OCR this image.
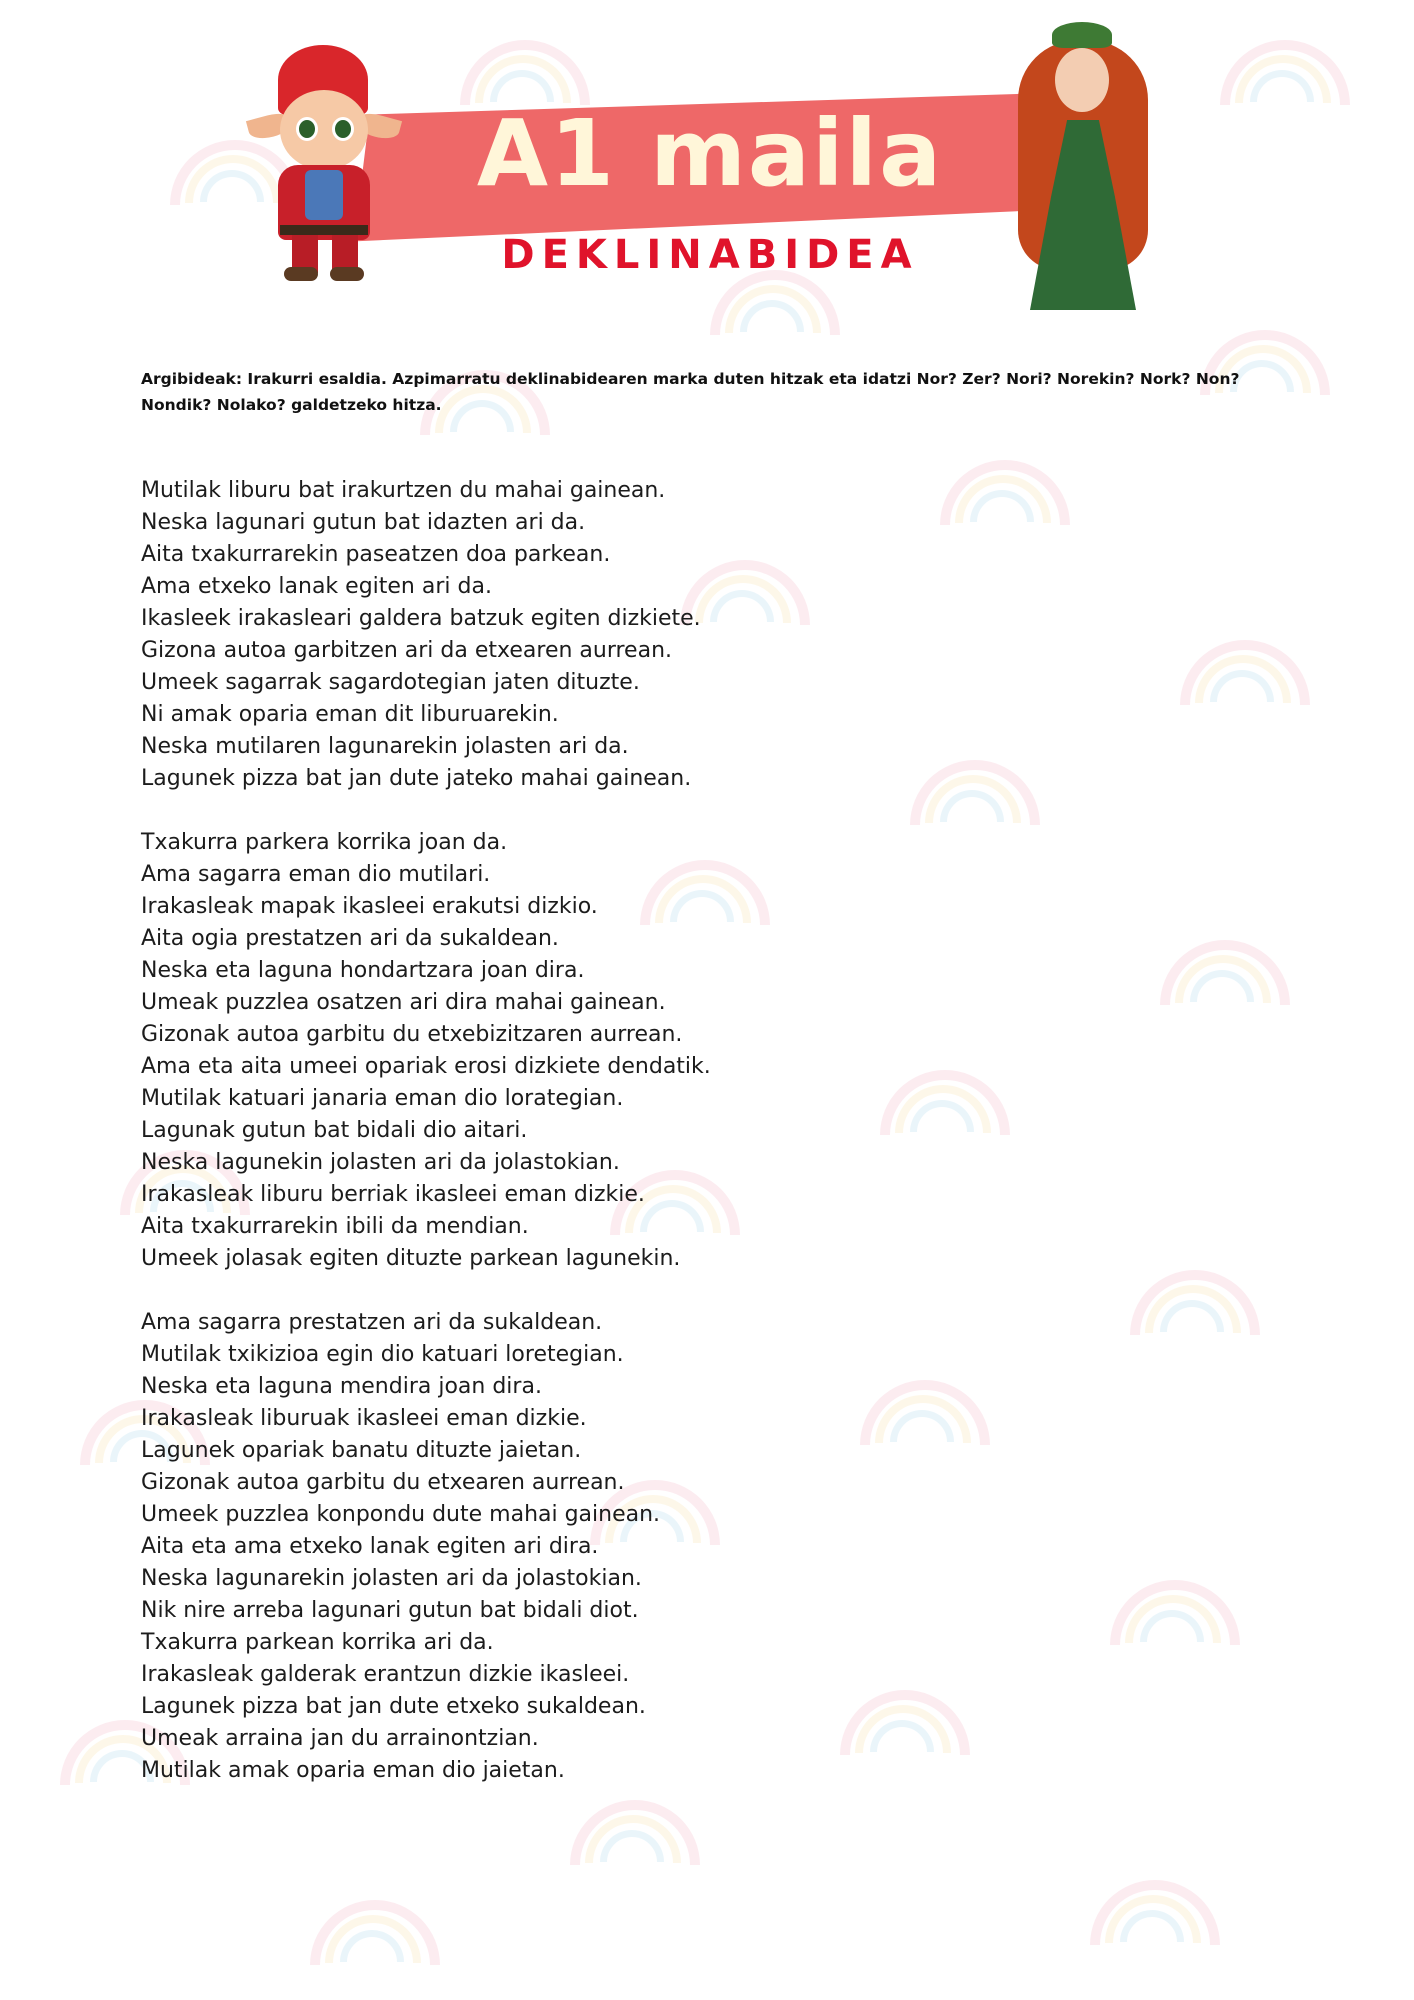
A1 maila
DEKLINABIDEA

Argibideak: Irakurri esaldia. Azpimarratu deklinabidearen marka duten hitzak eta idatzi Nor? Zer? Nori? Norekin? Nork? Non? Nondik? Nolako? galdetzeko hitza.

Mutilak liburu bat irakurtzen du mahai gainean.
Neska lagunari gutun bat idazten ari da.
Aita txakurrarekin paseatzen doa parkean.
Ama etxeko lanak egiten ari da.
Ikasleek irakasleari galdera batzuk egiten dizkiete.
Gizona autoa garbitzen ari da etxearen aurrean.
Umeek sagarrak sagardotegian jaten dituzte.
Ni amak oparia eman dit liburuarekin.
Neska mutilaren lagunarekin jolasten ari da.
Lagunek pizza bat jan dute jateko mahai gainean.
Txakurra parkera korrika joan da.
Ama sagarra eman dio mutilari.
Irakasleak mapak ikasleei erakutsi dizkio.
Aita ogia prestatzen ari da sukaldean.
Neska eta laguna hondartzara joan dira.
Umeak puzzlea osatzen ari dira mahai gainean.
Gizonak autoa garbitu du etxebizitzaren aurrean.
Ama eta aita umeei opariak erosi dizkiete dendatik.
Mutilak katuari janaria eman dio lorategian.
Lagunak gutun bat bidali dio aitari.
Neska lagunekin jolasten ari da jolastokian.
Irakasleak liburu berriak ikasleei eman dizkie.
Aita txakurrarekin ibili da mendian.
Umeek jolasak egiten dituzte parkean lagunekin.
Ama sagarra prestatzen ari da sukaldean.
Mutilak txikizioa egin dio katuari loretegian.
Neska eta laguna mendira joan dira.
Irakasleak liburuak ikasleei eman dizkie.
Lagunek opariak banatu dituzte jaietan.
Gizonak autoa garbitu du etxearen aurrean.
Umeek puzzlea konpondu dute mahai gainean.
Aita eta ama etxeko lanak egiten ari dira.
Neska lagunarekin jolasten ari da jolastokian.
Nik nire arreba lagunari gutun bat bidali diot.
Txakurra parkean korrika ari da.
Irakasleak galderak erantzun dizkie ikasleei.
Lagunek pizza bat jan dute etxeko sukaldean.
Umeak arraina jan du arrainontzian.
Mutilak amak oparia eman dio jaietan.
